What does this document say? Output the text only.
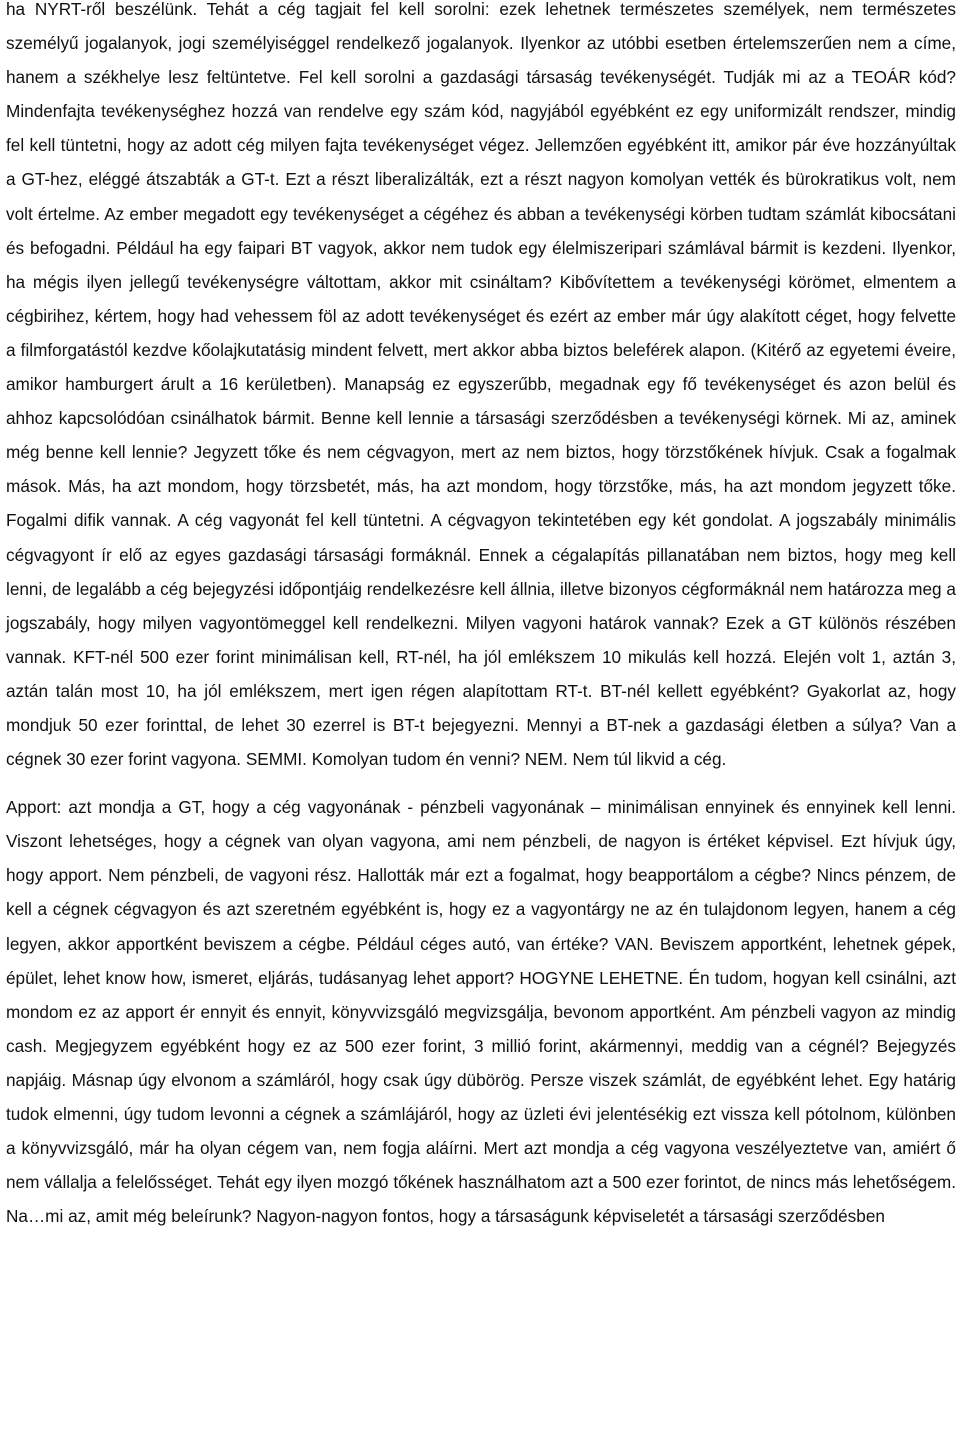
ha NYRT-ről beszélünk. Tehát a cég tagjait fel kell sorolni: ezek lehetnek természetes személyek, nem természetes személyű jogalanyok, jogi személyiséggel rendelkező jogalanyok. Ilyenkor az utóbbi esetben értelemszerűen nem a címe, hanem a székhelye lesz feltüntetve. Fel kell sorolni a gazdasági társaság tevékenységét. Tudják mi az a TEOÁR kód? Mindenfajta tevékenységhez hozzá van rendelve egy szám kód, nagyjából egyébként ez egy uniformizált rendszer, mindig fel kell tüntetni, hogy az adott cég milyen fajta tevékenységet végez. Jellemzően egyébként itt, amikor pár éve hozzányúltak a GT-hez, eléggé átszabták a GT-t. Ezt a részt liberalizálták, ezt a részt nagyon komolyan vették és bürokratikus volt, nem volt értelme. Az ember megadott egy tevékenységet a cégéhez és abban a tevékenységi körben tudtam számlát kibocsátani és befogadni. Például ha egy faipari BT vagyok, akkor nem tudok egy élelmiszeripari számlával bármit is kezdeni. Ilyenkor, ha mégis ilyen jellegű tevékenységre váltottam, akkor mit csináltam? Kibővítettem a tevékenységi körömet, elmentem a cégbirihez, kértem, hogy had vehessem föl az adott tevékenységet és ezért az ember már úgy alakított céget, hogy felvette a filmforgatástól kezdve kőolajkutatásig mindent felvett, mert akkor abba biztos beleférek alapon. (Kitérő az egyetemi éveire, amikor hamburgert árult a 16 kerületben). Manapság ez egyszerűbb, megadnak egy fő tevékenységet és azon belül és ahhoz kapcsolódóan csinálhatok bármit. Benne kell lennie a társasági szerződésben a tevékenységi körnek. Mi az, aminek még benne kell lennie? Jegyzett tőke és nem cégvagyon, mert az nem biztos, hogy törzstőkének hívjuk. Csak a fogalmak mások. Más, ha azt mondom, hogy törzsbetét, más, ha azt mondom, hogy törzstőke, más, ha azt mondom jegyzett tőke. Fogalmi difik vannak. A cég vagyonát fel kell tüntetni. A cégvagyon tekintetében egy két gondolat. A jogszabály minimális cégvagyont ír elő az egyes gazdasági társasági formáknál. Ennek a cégalapítás pillanatában nem biztos, hogy meg kell lenni, de legalább a cég bejegyzési időpontjáig rendelkezésre kell állnia, illetve bizonyos cégformáknál nem határozza meg a jogszabály, hogy milyen vagyontömeggel kell rendelkezni. Milyen vagyoni határok vannak? Ezek a GT különös részében vannak. KFT-nél 500 ezer forint minimálisan kell, RT-nél, ha jól emlékszem 10 mikulás kell hozzá. Elején volt 1, aztán 3, aztán talán most 10, ha jól emlékszem, mert igen régen alapítottam RT-t. BT-nél kellett egyébként? Gyakorlat az, hogy mondjuk 50 ezer forinttal, de lehet 30 ezerrel is BT-t bejegyezni. Mennyi a BT-nek a gazdasági életben a súlya? Van a cégnek 30 ezer forint vagyona. SEMMI. Komolyan tudom én venni? NEM. Nem túl likvid a cég.

Apport: azt mondja a GT, hogy a cég vagyonának - pénzbeli vagyonának – minimálisan ennyinek és ennyinek kell lenni. Viszont lehetséges, hogy a cégnek van olyan vagyona, ami nem pénzbeli, de nagyon is értéket képvisel. Ezt hívjuk úgy, hogy apport. Nem pénzbeli, de vagyoni rész. Hallották már ezt a fogalmat, hogy beapportálom a cégbe? Nincs pénzem, de kell a cégnek cégvagyon és azt szeretném egyébként is, hogy ez a vagyontárgy ne az én tulajdonom legyen, hanem a cég legyen, akkor apportként beviszem a cégbe. Például céges autó, van értéke? VAN. Beviszem apportként, lehetnek gépek, épület, lehet know how, ismeret, eljárás, tudásanyag lehet apport? HOGYNE LEHETNE. Én tudom, hogyan kell csinálni, azt mondom ez az apport ér ennyit és ennyit, könyvvizsgáló megvizsgálja, bevonom apportként. Am pénzbeli vagyon az mindig cash. Megjegyzem egyébként hogy ez az 500 ezer forint, 3 millió forint, akármennyi, meddig van a cégnél? Bejegyzés napjáig. Másnap úgy elvonom a számláról, hogy csak úgy dübörög. Persze viszek számlát, de egyébként lehet. Egy határig tudok elmenni, úgy tudom levonni a cégnek a számlájáról, hogy az üzleti évi jelentésékig ezt vissza kell pótolnom, különben a könyvvizsgáló, már ha olyan cégem van, nem fogja aláírni. Mert azt mondja a cég vagyona veszélyeztetve van, amiért ő nem vállalja a felelősséget. Tehát egy ilyen mozgó tőkének használhatom azt a 500 ezer forintot, de nincs más lehetőségem. Na…mi az, amit még beleírunk? Nagyon-nagyon fontos, hogy a társaságunk képviseletét a társasági szerződésben
